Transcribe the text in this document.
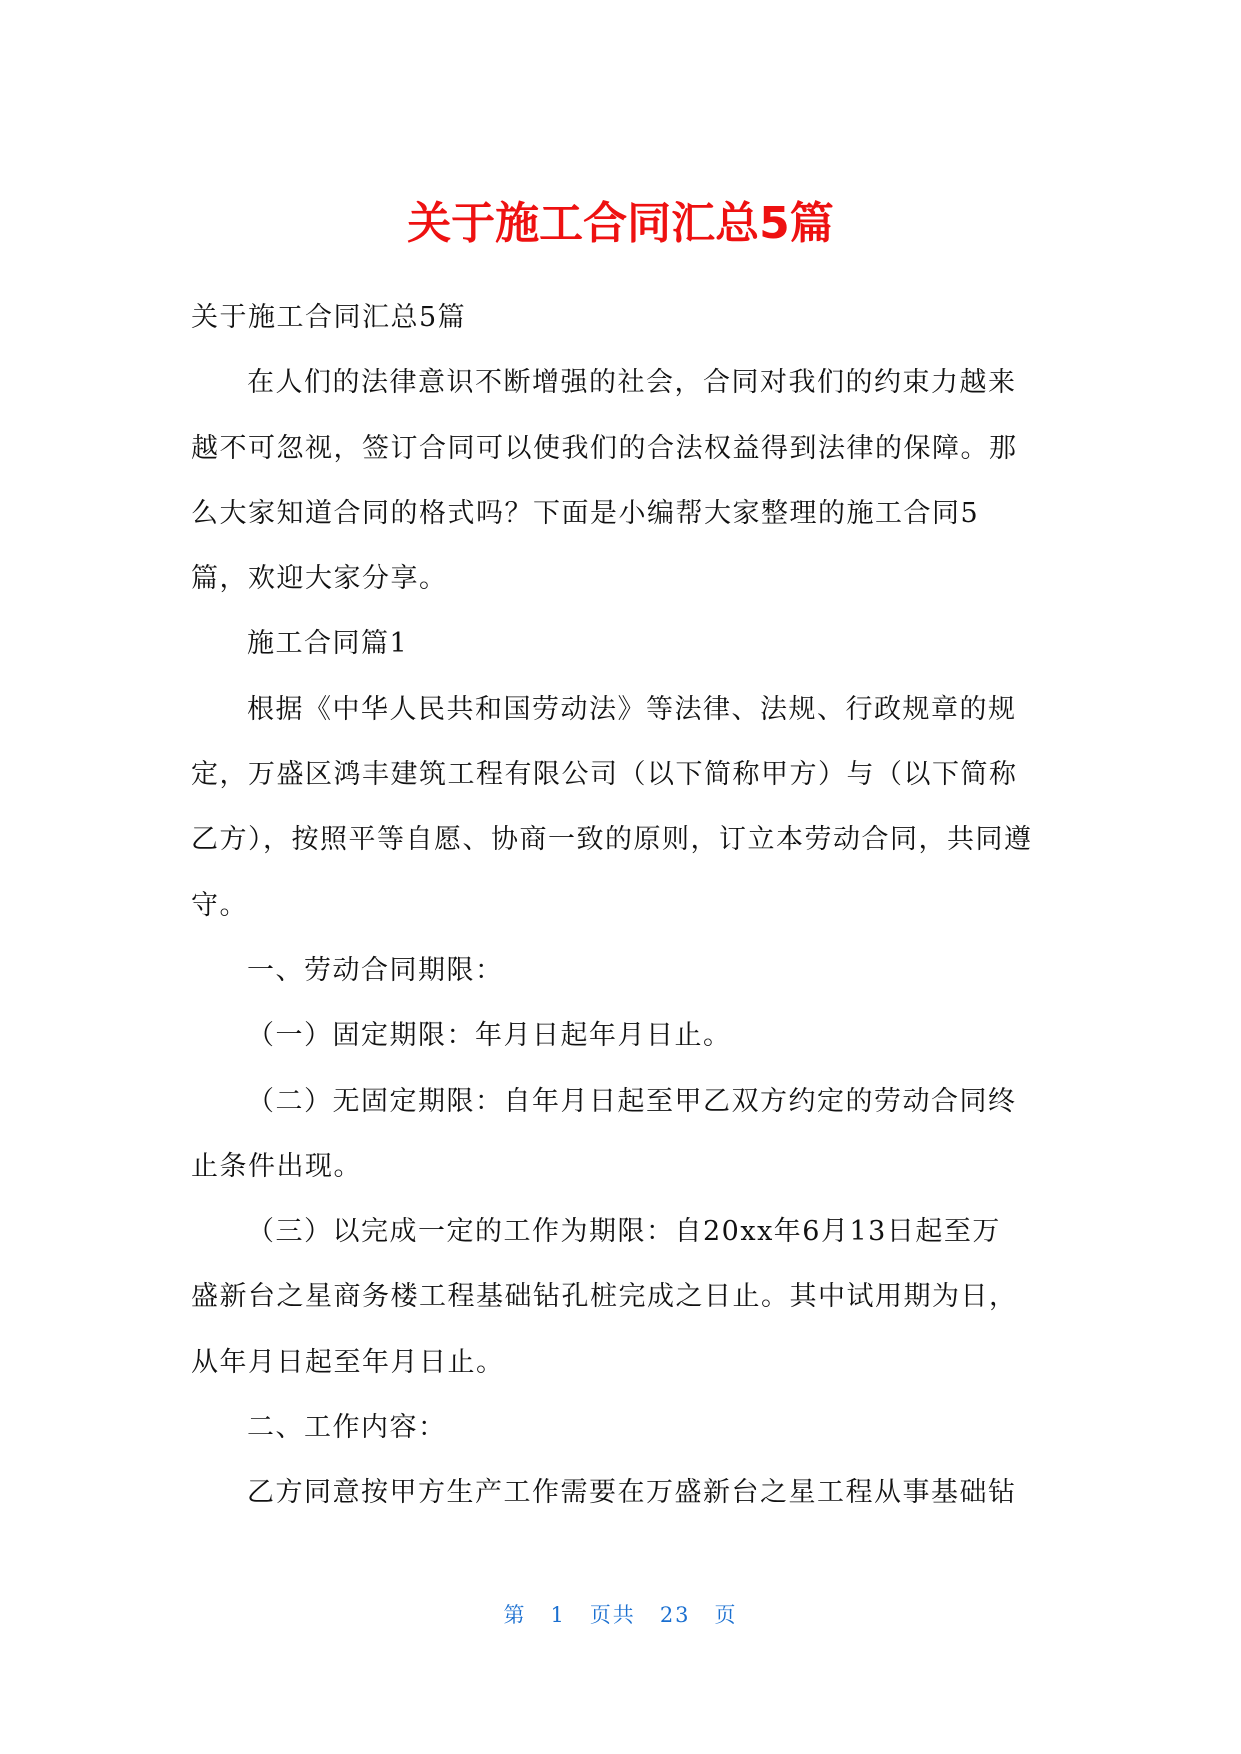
关于施工合同汇总5篇

关于施工合同汇总5篇

在人们的法律意识不断增强的社会，合同对我们的约束力越来

越不可忽视，签订合同可以使我们的合法权益得到法律的保障。那

么大家知道合同的格式吗？下面是小编帮大家整理的施工合同5

篇，欢迎大家分享。

施工合同篇1

根据《中华人民共和国劳动法》等法律、法规、行政规章的规

定，万盛区鸿丰建筑工程有限公司（以下简称甲方）与（以下简称

乙方），按照平等自愿、协商一致的原则，订立本劳动合同，共同遵

守。

一、劳动合同期限：

（一）固定期限：年月日起年月日止。

（二）无固定期限：自年月日起至甲乙双方约定的劳动合同终

止条件出现。

（三）以完成一定的工作为期限：自20xx年6月13日起至万

盛新台之星商务楼工程基础钻孔桩完成之日止。其中试用期为日，

从年月日起至年月日止。

二、工作内容：

乙方同意按甲方生产工作需要在万盛新台之星工程从事基础钻

第 1 页共 23 页
